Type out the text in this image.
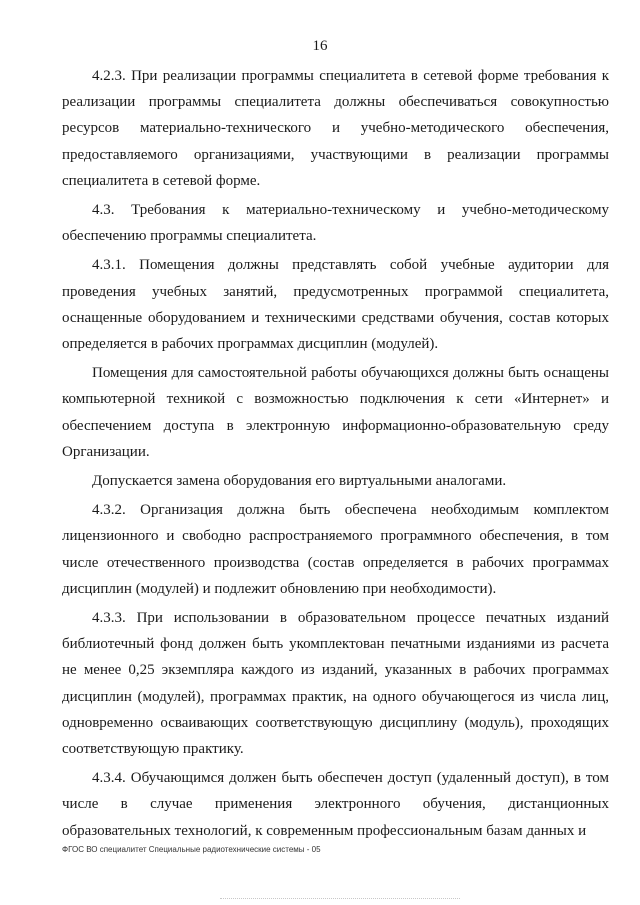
16

4.2.3. При реализации программы специалитета в сетевой форме требования к реализации программы специалитета должны обеспечиваться совокупностью ресурсов материально-технического и учебно-методического обеспечения, предоставляемого организациями, участвующими в реализации программы специалитета в сетевой форме.

4.3. Требования к материально-техническому и учебно-методическому обеспечению программы специалитета.

4.3.1. Помещения должны представлять собой учебные аудитории для проведения учебных занятий, предусмотренных программой специалитета, оснащенные оборудованием и техническими средствами обучения, состав которых определяется в рабочих программах дисциплин (модулей).

Помещения для самостоятельной работы обучающихся должны быть оснащены компьютерной техникой с возможностью подключения к сети «Интернет» и обеспечением доступа в электронную информационно-образовательную среду Организации.

Допускается замена оборудования его виртуальными аналогами.

4.3.2. Организация должна быть обеспечена необходимым комплектом лицензионного и свободно распространяемого программного обеспечения, в том числе отечественного производства (состав определяется в рабочих программах дисциплин (модулей) и подлежит обновлению при необходимости).

4.3.3. При использовании в образовательном процессе печатных изданий библиотечный фонд должен быть укомплектован печатными изданиями из расчета не менее 0,25 экземпляра каждого из изданий, указанных в рабочих программах дисциплин (модулей), программах практик, на одного обучающегося из числа лиц, одновременно осваивающих соответствующую дисциплину (модуль), проходящих соответствующую практику.

4.3.4. Обучающимся должен быть обеспечен доступ (удаленный доступ), в том числе в случае применения электронного обучения, дистанционных образовательных технологий, к современным профессиональным базам данных и

ФГОС ВО специалитет Специальные радиотехнические системы - 05
